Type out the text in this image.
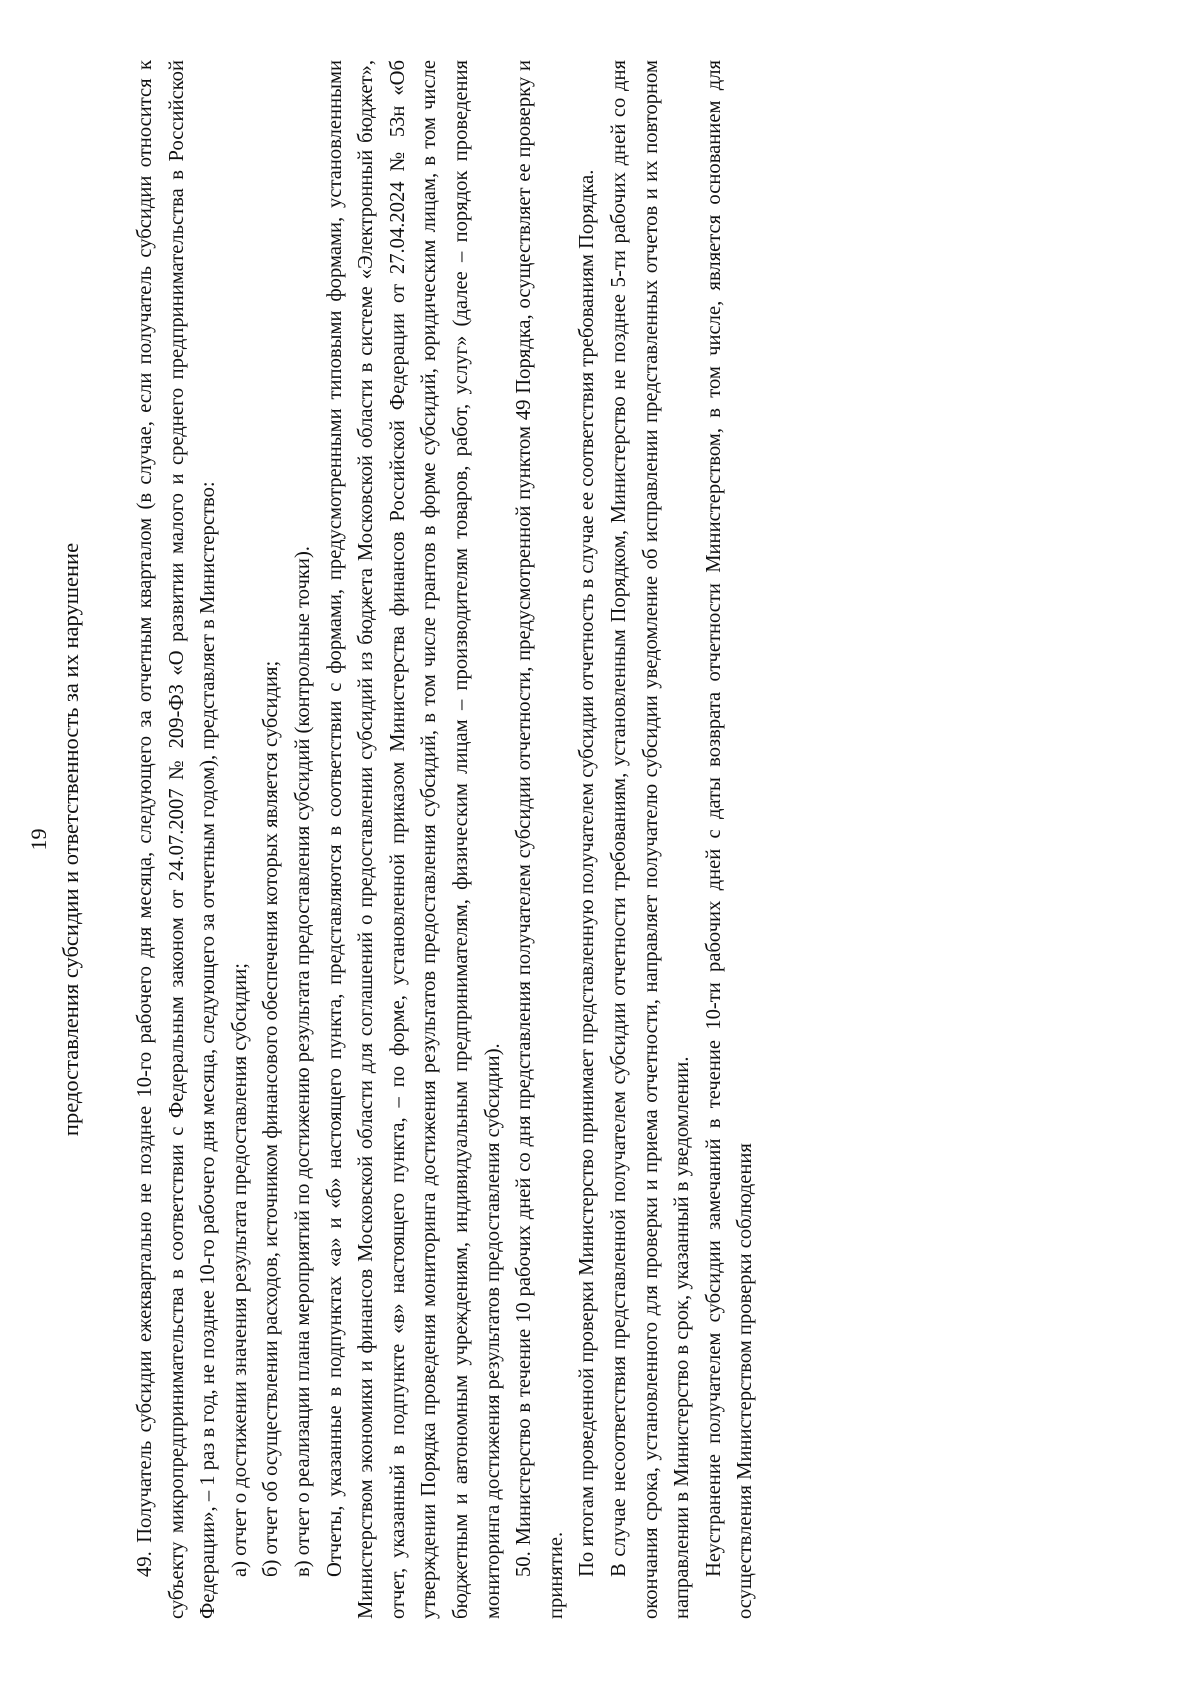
19 предоставления субсидии и ответственность за их нарушение 49. Получатель субсидии ежеквартально не позднее 10-го рабочего дня месяца, следующего за отчетным кварталом (в случае, если получатель субсидии относится к субъекту микропредпринимательства в соответствии с Федеральным законом от 24.07.2007 № 209-ФЗ «О развитии малого и среднего предпринимательства в Российской Федерации», – 1 раз в год, не позднее 10-го рабочего дня месяца, следующего за отчетным годом), представляет в Министерство: а) отчет о достижении значения результата предоставления субсидии; б) отчет об осуществлении расходов, источником финансового обеспечения которых является субсидия; в) отчет о реализации плана мероприятий по достижению результата предоставления субсидий (контрольные точки). Отчеты, указанные в подпунктах «а» и «б» настоящего пункта, представляются в соответствии с формами, предусмотренными типовыми формами, установленными Министерством экономики и финансов Московской области для соглашений о предоставлении субсидий из бюджета Московской области в системе «Электронный бюджет», отчет, указанный в подпункте «в» настоящего пункта, – по форме, установленной приказом Министерства финансов Российской Федерации от 27.04.2024 № 53н «Об утверждении Порядка проведения мониторинга достижения результатов предоставления субсидий, в том числе грантов в форме субсидий, юридическим лицам, в том числе бюджетным и автономным учреждениям, индивидуальным предпринимателям, физическим лицам – производителям товаров, работ, услуг» (далее – порядок проведения мониторинга достижения результатов предоставления субсидии). 50. Министерство в течение 10 рабочих дней со дня представления получателем субсидии отчетности, предусмотренной пунктом 49 Порядка, осуществляет ее проверку и принятие. По итогам проведенной проверки Министерство принимает представленную получателем субсидии отчетность в случае ее соответствия требованиям Порядка. В случае несоответствия представленной получателем субсидии отчетности требованиям, установленным Порядком, Министерство не позднее 5-ти рабочих дней со дня окончания срока, установленного для проверки и приема отчетности, направляет получателю субсидии уведомление об исправлении представленных отчетов и их повторном направлении в Министерство в срок, указанный в уведомлении. Неустранение получателем субсидии замечаний в течение 10-ти рабочих дней с даты возврата отчетности Министерством, в том числе, является основанием для осуществления Министерством проверки соблюдения
